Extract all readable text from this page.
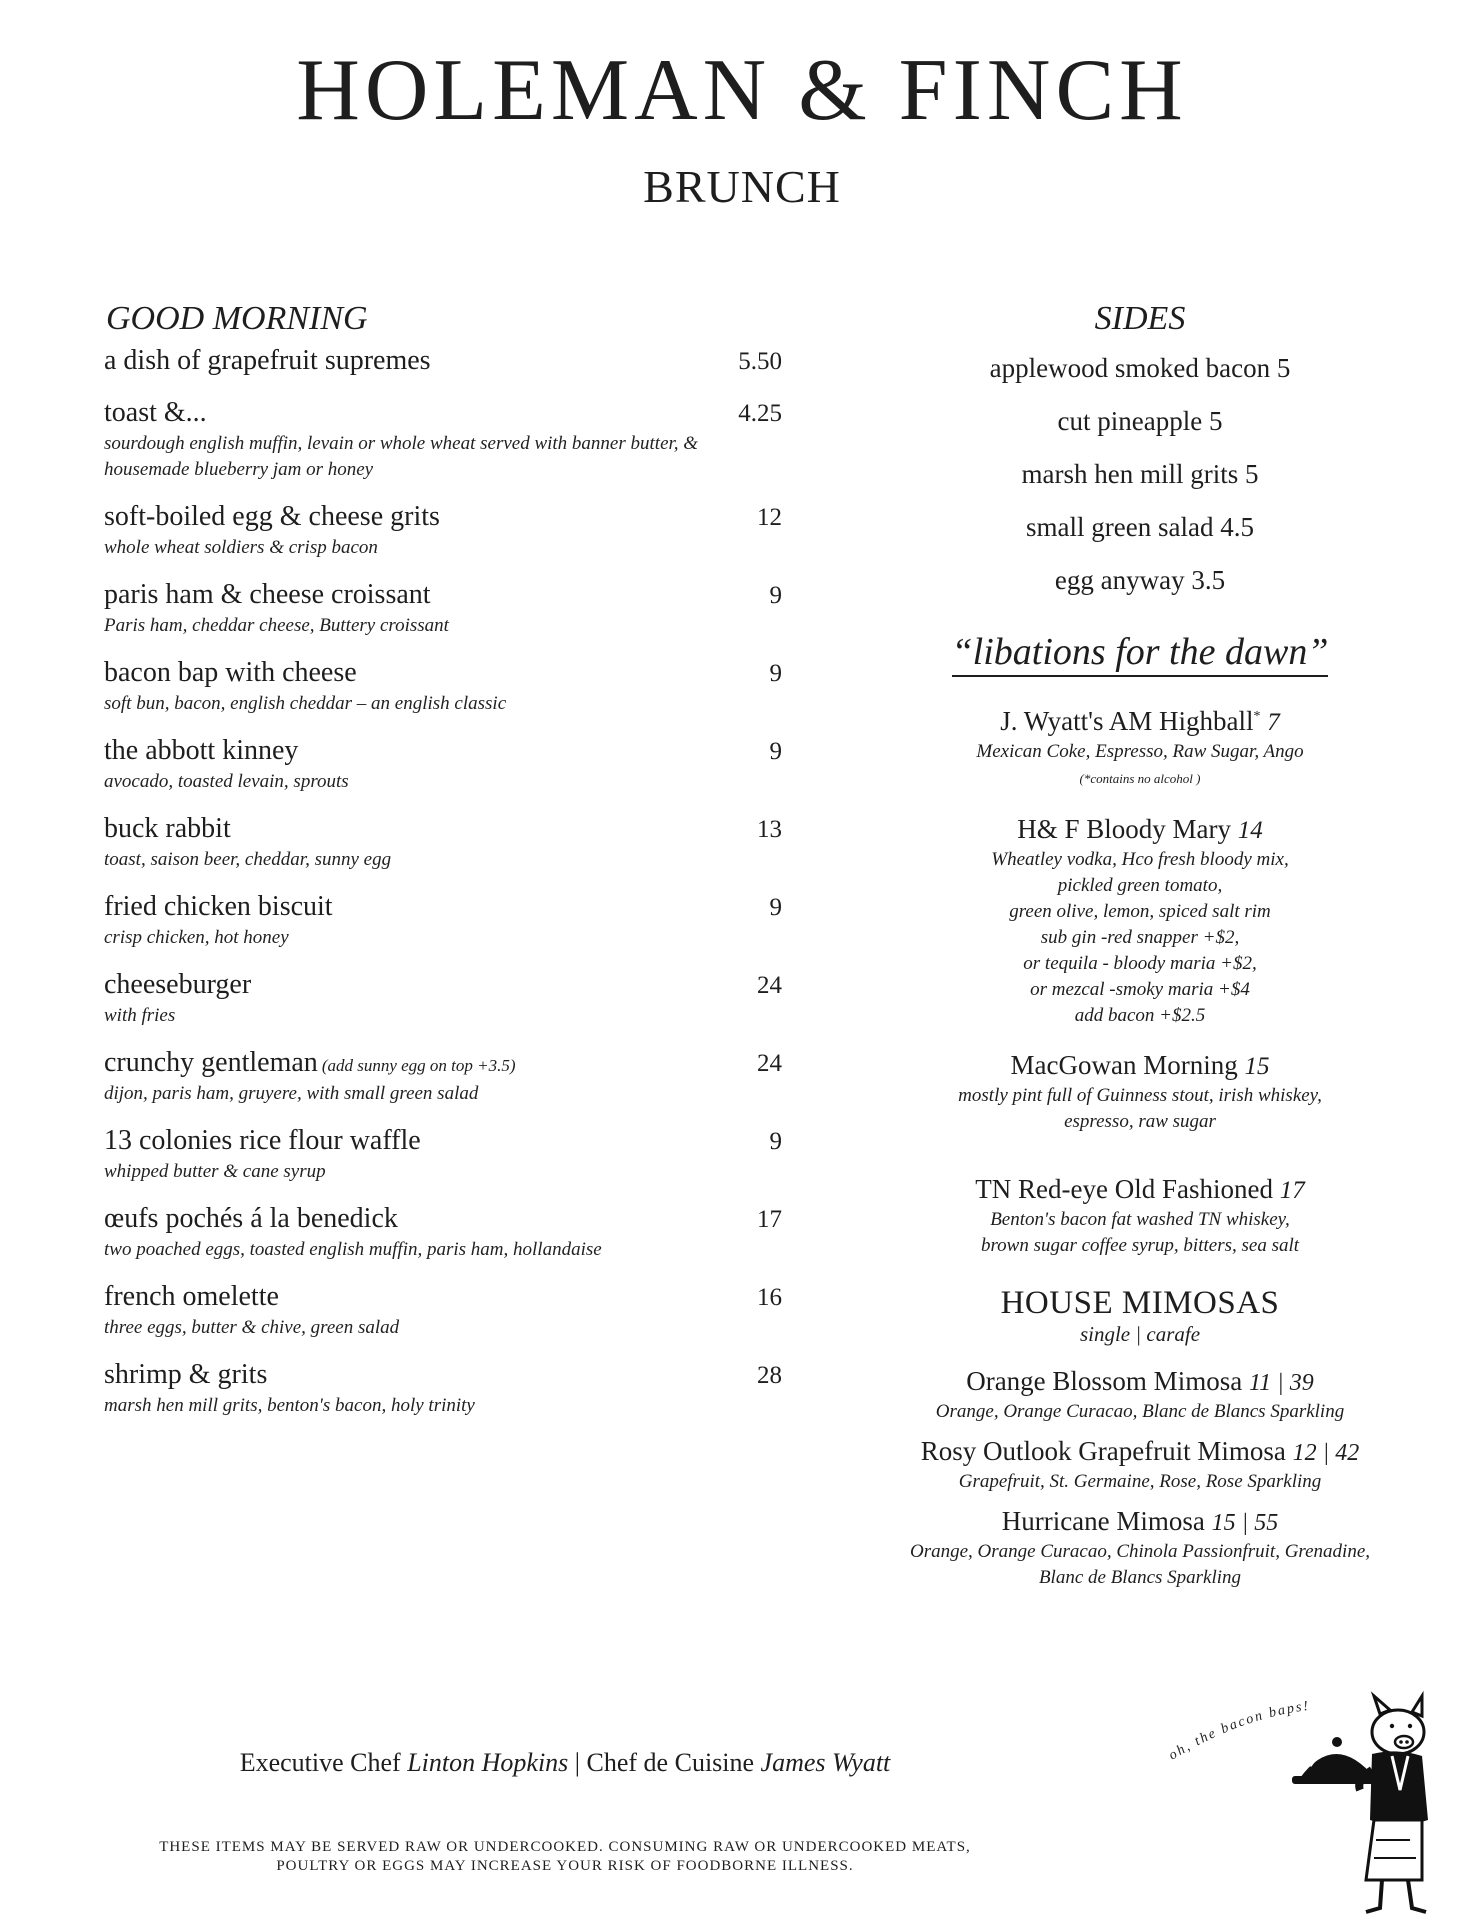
HOLEMAN & FINCH
BRUNCH
GOOD MORNING
a dish of grapefruit supremes	5.50
toast &...	4.25
sourdough english muffin, levain or whole wheat served with banner butter, & housemade blueberry jam or honey
soft-boiled egg & cheese grits	12
whole wheat soldiers & crisp bacon
paris ham & cheese croissant	9
Paris ham, cheddar cheese, Buttery croissant
bacon bap with cheese	9
soft bun, bacon, english cheddar – an english classic
the abbott kinney	9
avocado, toasted levain, sprouts
buck rabbit	13
toast, saison beer, cheddar, sunny egg
fried chicken biscuit	9
crisp chicken, hot honey
cheeseburger	24
with fries
crunchy gentleman (add sunny egg on top +3.5)	24
dijon, paris ham, gruyere, with small green salad
13 colonies rice flour waffle	9
whipped butter & cane syrup
œufs pochés á la benedick	17
two poached eggs, toasted english muffin, paris ham, hollandaise
french omelette	16
three eggs, butter & chive, green salad
shrimp & grits	28
marsh hen mill grits, benton's bacon, holy trinity
SIDES
applewood smoked bacon 5
cut pineapple 5
marsh hen mill grits 5
small green salad 4.5
egg anyway 3.5
“libations for the dawn”
J. Wyatt's AM Highball* 7
Mexican Coke, Espresso, Raw Sugar, Ango
(*contains no alcohol )
H& F Bloody Mary 14
Wheatley vodka, Hco fresh bloody mix,
pickled green tomato,
green olive, lemon, spiced salt rim
sub gin -red snapper +$2,
or tequila - bloody maria +$2,
or mezcal -smoky maria +$4
add bacon +$2.5
MacGowan Morning 15
mostly pint full of Guinness stout, irish whiskey,
espresso, raw sugar
TN Red-eye Old Fashioned 17
Benton's bacon fat washed TN whiskey,
brown sugar coffee syrup, bitters, sea salt
HOUSE MIMOSAS
single | carafe
Orange Blossom Mimosa 11 | 39
Orange, Orange Curacao, Blanc de Blancs Sparkling
Rosy Outlook Grapefruit Mimosa 12 | 42
Grapefruit, St. Germaine, Rose, Rose Sparkling
Hurricane Mimosa 15 | 55
Orange, Orange Curacao, Chinola Passionfruit, Grenadine,
Blanc de Blancs Sparkling
Executive Chef Linton Hopkins | Chef de Cuisine James Wyatt
THESE ITEMS MAY BE SERVED RAW OR UNDERCOOKED. CONSUMING RAW OR UNDERCOOKED MEATS,
POULTRY OR EGGS MAY INCREASE YOUR RISK OF FOODBORNE ILLNESS.
oh, the bacon baps!
